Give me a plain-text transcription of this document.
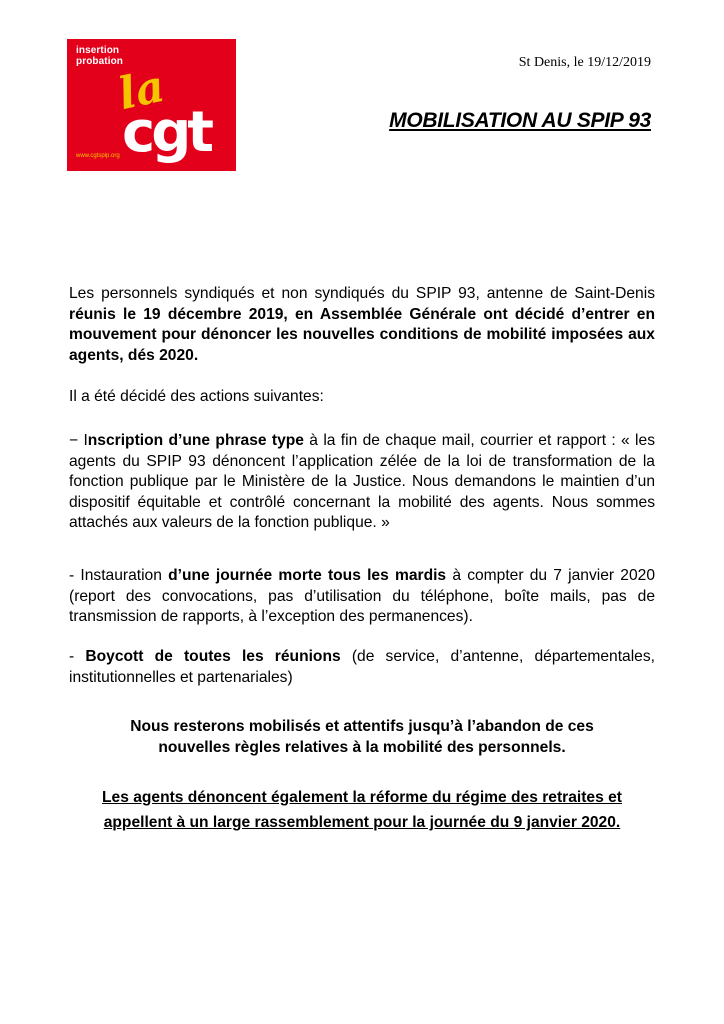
insertion
probation
la
cgt
www.cgtspip.org
St Denis, le 19/12/2019
MOBILISATION AU SPIP 93
Les personnels syndiqués et non syndiqués du SPIP 93, antenne de Saint-Denis réunis le 19 décembre 2019, en Assemblée Générale ont décidé d’entrer en mouvement pour dénoncer les nouvelles conditions de mobilité imposées aux agents, dés 2020.
Il a été décidé des actions suivantes:
− Inscription d’une phrase type à la fin de chaque mail, courrier et rapport : « les agents du SPIP 93 dénoncent l’application zélée de la loi de transformation de la fonction publique par le Ministère de la Justice. Nous demandons le maintien d’un dispositif équitable et contrôlé concernant la mobilité des agents. Nous sommes attachés aux valeurs de la fonction publique. »
- Instauration d’une journée morte tous les mardis à compter du 7 janvier 2020 (report des convocations, pas d’utilisation du téléphone, boîte mails, pas de transmission de rapports, à l’exception des permanences).
- Boycott de toutes les réunions (de service, d’antenne, départementales, institutionnelles et partenariales)
Nous resterons mobilisés et attentifs jusqu’à l’abandon de ces
nouvelles règles relatives à la mobilité des personnels.
Les agents dénoncent également la réforme du régime des retraites et
appellent à un large rassemblement pour la journée du 9 janvier 2020.
